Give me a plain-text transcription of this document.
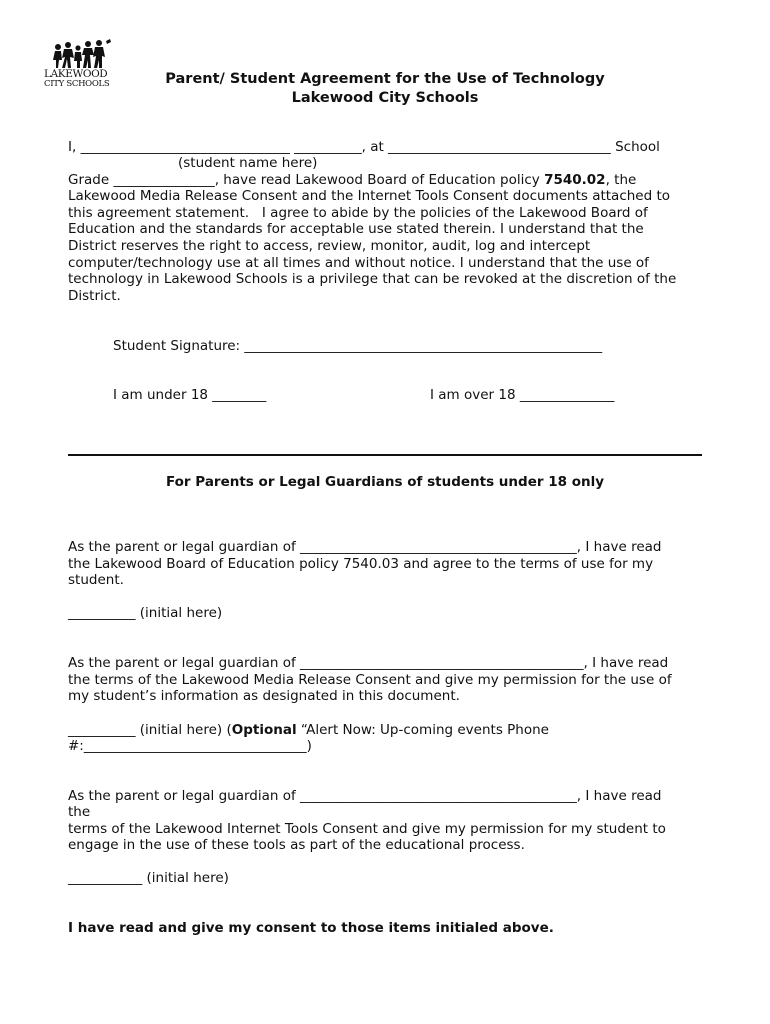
LAKEWOOD
CITY SCHOOLS	Parent/ Student Agreement for the Use of Technology
Lakewood City Schools
I, _______________________________ __________, at _________________________________ School
(student name here)
Grade _______________, have read Lakewood Board of Education policy 7540.02, the
Lakewood Media Release Consent and the Internet Tools Consent documents attached to
this agreement statement.   I agree to abide by the policies of the Lakewood Board of
Education and the standards for acceptable use stated therein. I understand that the
District reserves the right to access, review, monitor, audit, log and intercept
computer/technology use at all times and without notice. I understand that the use of
technology in Lakewood Schools is a privilege that can be revoked at the discretion of the
District.
Student Signature: _____________________________________________________
I am under 18 ________	I am over 18 ______________
For Parents or Legal Guardians of students under 18 only
As the parent or legal guardian of _________________________________________, I have read
the Lakewood Board of Education policy 7540.03 and agree to the terms of use for my
student.
__________ (initial here)
As the parent or legal guardian of __________________________________________, I have read
the terms of the Lakewood Media Release Consent and give my permission for the use of
my student’s information as designated in this document.
__________ (initial here) (Optional “Alert Now: Up-coming events Phone
#:_________________________________)
As the parent or legal guardian of _________________________________________, I have read
the
terms of the Lakewood Internet Tools Consent and give my permission for my student to
engage in the use of these tools as part of the educational process.
___________ (initial here)
I have read and give my consent to those items initialed above.
